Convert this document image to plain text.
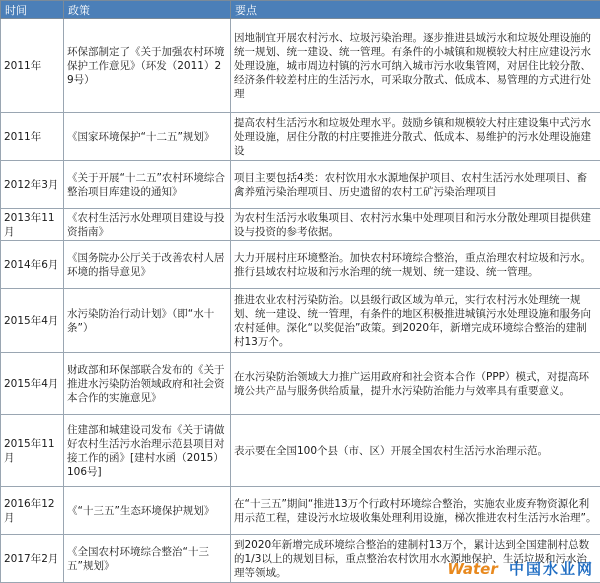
时间	政策	要点
2011年	环保部制定了《关于加强农村环境保护工作意见》（环发（2011）29号）	因地制宜开展农村污水、垃圾污染治理。逐步推进县域污水和垃圾处理设施的统一规划、统一建设、统一管理。有条件的小城镇和规模较大村庄应建设污水处理设施，城市周边村镇的污水可纳入城市污水收集管网，对居住比较分散、经济条件较差村庄的生活污水，可采取分散式、低成本、易管理的方式进行处理
2011年	《国家环境保护“十二五”规划》	提高农村生活污水和垃圾处理水平。鼓励乡镇和规模较大村庄建设集中式污水处理设施，居住分散的村庄要推进分散式、低成本、易维护的污水处理设施建设
2012年3月	《关于开展“十二五”农村环境综合整治项目库建设的通知》	项目主要包括4类：农村饮用水水源地保护项目、农村生活污水处理项目、畜禽养殖污染治理项目、历史遗留的农村工矿污染治理项目
2013年11月	《农村生活污水处理项目建设与投资指南》	为农村生活污水收集项目、农村污水集中处理项目和污水分散处理项目提供建设与投资的参考依据。
2014年6月	《国务院办公厅关于改善农村人居环境的指导意见》	大力开展村庄环境整治。加快农村环境综合整治，重点治理农村垃圾和污水。推行县域农村垃圾和污水治理的统一规划、统一建设、统一管理。
2015年4月	水污染防治行动计划》（即“水十条”）	推进农业农村污染防治。以县级行政区域为单元，实行农村污水处理统一规划、统一建设、统一管理，有条件的地区积极推进城镇污水处理设施和服务向农村延伸。深化“以奖促治”政策。到2020年，新增完成环境综合整治的建制村13万个。
2015年4月	财政部和环保部联合发布的《关于推进水污染防治领域政府和社会资本合作的实施意见》	在水污染防治领域大力推广运用政府和社会资本合作（PPP）模式，对提高环境公共产品与服务供给质量，提升水污染防治能力与效率具有重要意义。
2015年11月	住建部和城建设司发布《关于请做好农村生活污水治理示范县项目对接工作的函》[建村水函（2015）106号]	表示要在全国100个县（市、区）开展全国农村生活污水治理示范。
2016年12月	《“十三五”生态环境保护规划》	在“十三五”期间“推进13万个行政村环境综合整治，实施农业废弃物资源化利用示范工程，建设污水垃圾收集处理利用设施，梯次推进农村生活污水治理”。
2017年2月	《全国农村环境综合整治“十三五”规划》	到2020年新增完成环境综合整治的建制村13万个，累计达到全国建制村总数的1/3以上的规划目标，重点整治农村饮用水水源地保护、生活垃圾和污水治理等领域。	Water 中国水业网
